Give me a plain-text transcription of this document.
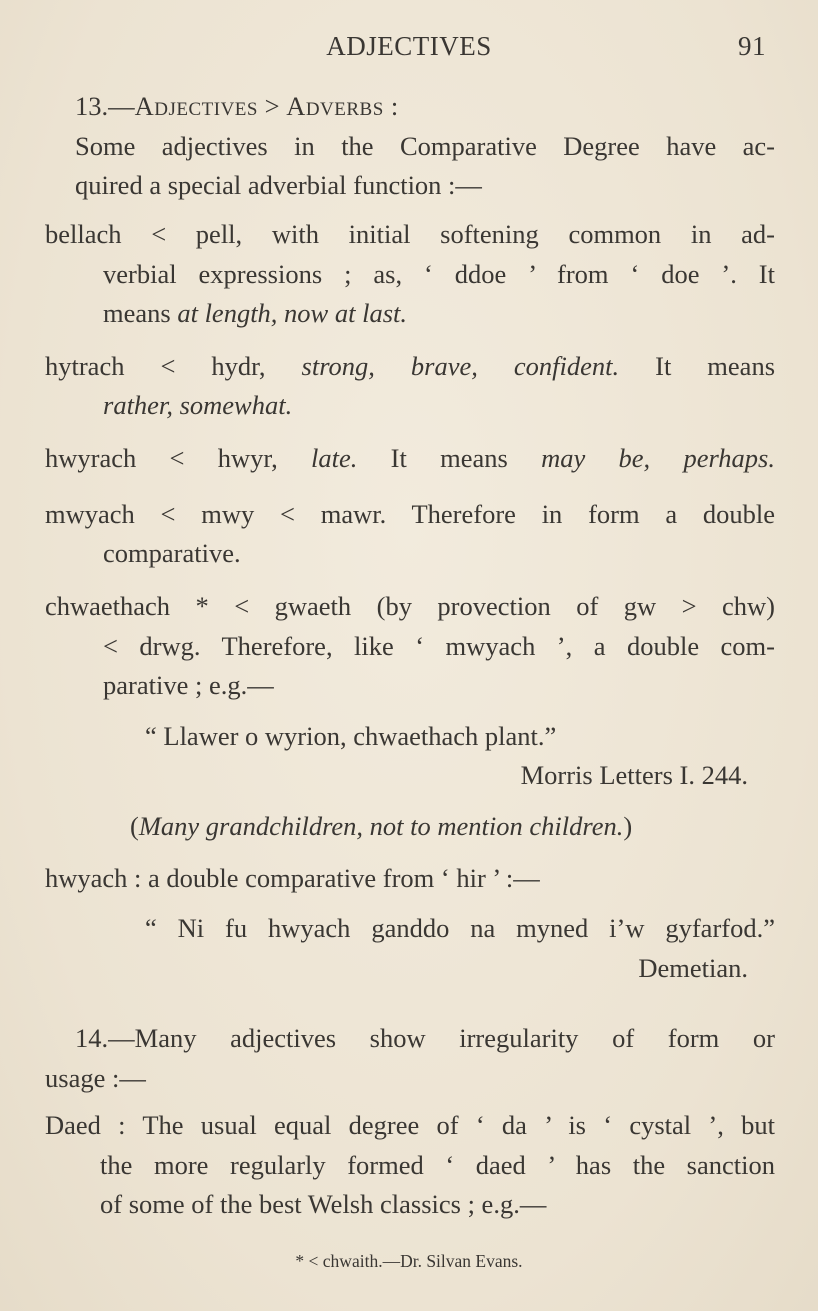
ADJECTIVES	91
13.—Adjectives > Adverbs :
Some adjectives in the Comparative Degree have ac-
quired a special adverbial function :—
bellach < pell, with initial softening common in ad-
verbial expressions ; as, ‘ ddoe ’ from ‘ doe ’. It
means at length, now at last.
hytrach < hydr, strong, brave, confident. It means
rather, somewhat.
hwyrach < hwyr, late. It means may be, perhaps.
mwyach < mwy < mawr. Therefore in form a double
comparative.
chwaethach * < gwaeth (by provection of gw > chw)
< drwg. Therefore, like ‘ mwyach ’, a double com-
parative ; e.g.—
“ Llawer o wyrion, chwaethach plant.”
Morris Letters I. 244.
(Many grandchildren, not to mention children.)
hwyach : a double comparative from ‘ hir ’ :—
“ Ni fu hwyach ganddo na myned i’w gyfarfod.”
Demetian.
14.—Many adjectives show irregularity of form or
usage :—
Daed : The usual equal degree of ‘ da ’ is ‘ cystal ’, but
the more regularly formed ‘ daed ’ has the sanction
of some of the best Welsh classics ; e.g.—
* < chwaith.—Dr. Silvan Evans.
